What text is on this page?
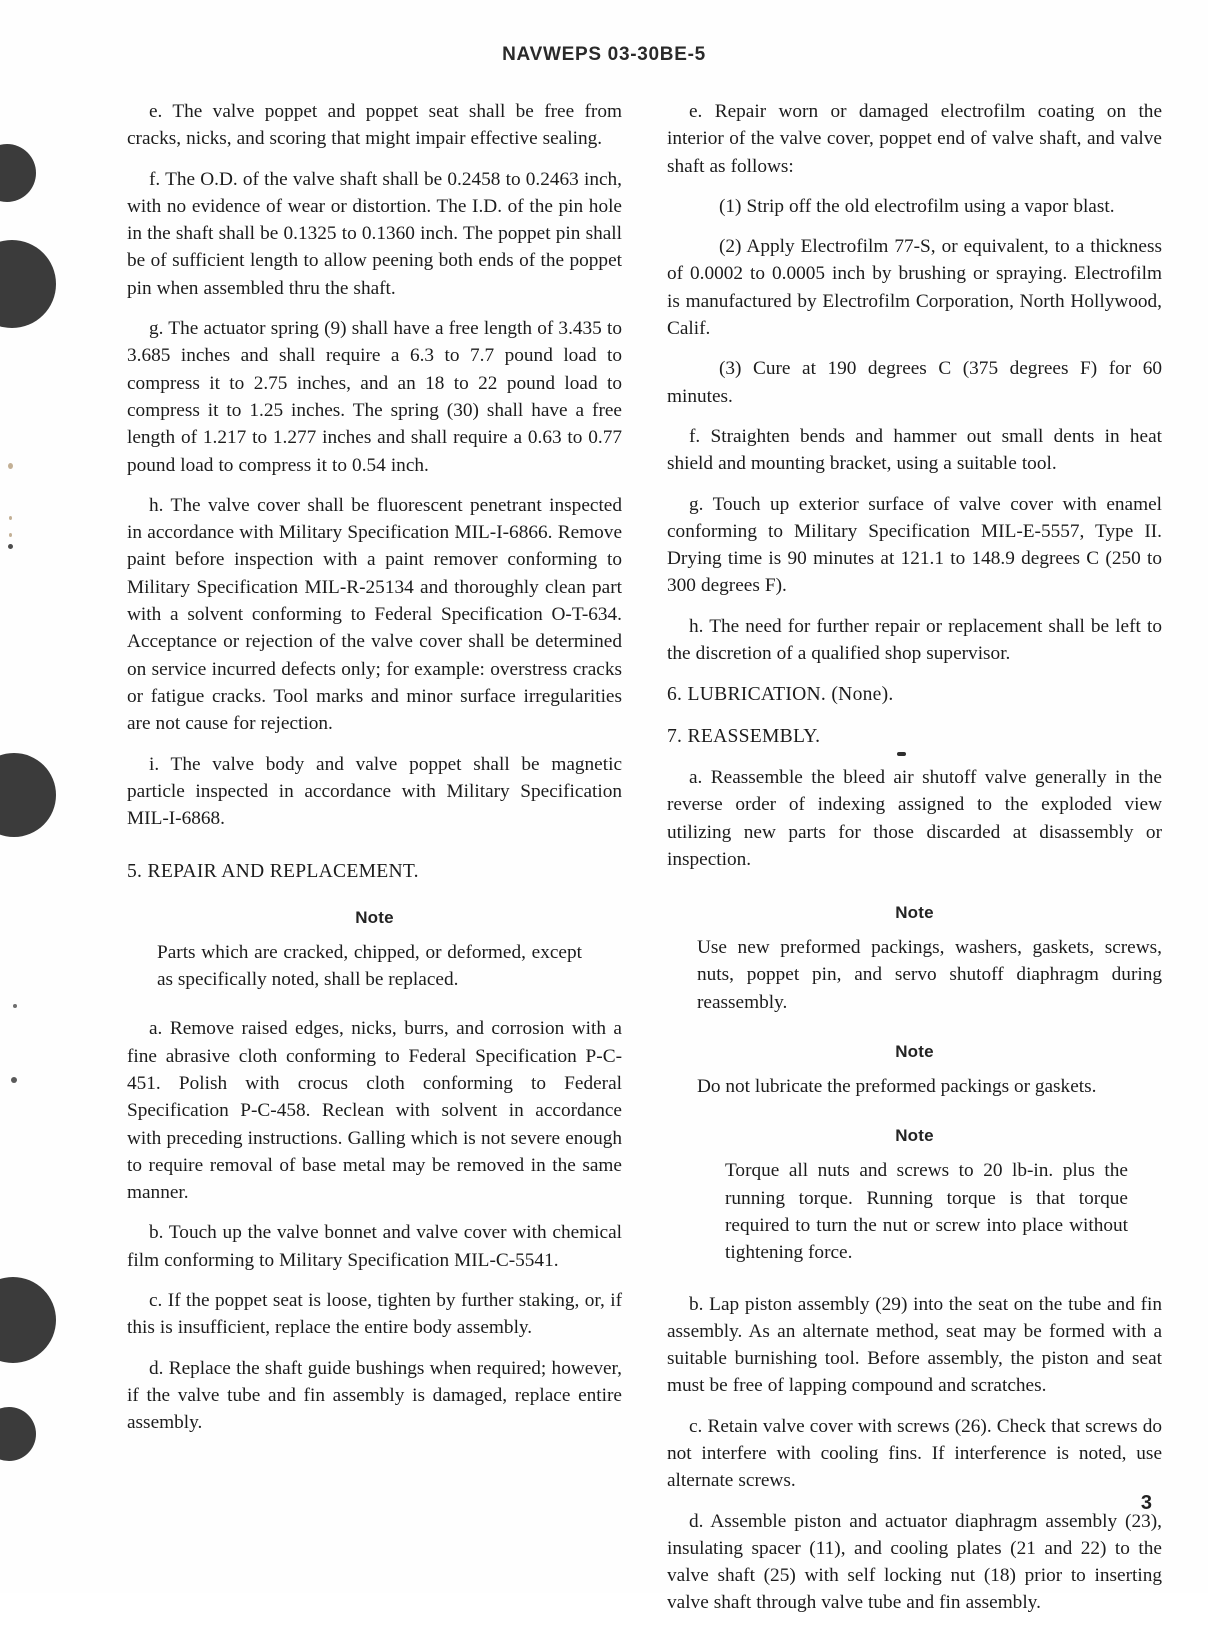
NAVWEPS 03-30BE-5

e. The valve poppet and poppet seat shall be free from cracks, nicks, and scoring that might impair effective sealing.

f. The O.D. of the valve shaft shall be 0.2458 to 0.2463 inch, with no evidence of wear or distortion. The I.D. of the pin hole in the shaft shall be 0.1325 to 0.1360 inch. The poppet pin shall be of sufficient length to allow peening both ends of the poppet pin when assembled thru the shaft.

g. The actuator spring (9) shall have a free length of 3.435 to 3.685 inches and shall require a 6.3 to 7.7 pound load to compress it to 2.75 inches, and an 18 to 22 pound load to compress it to 1.25 inches. The spring (30) shall have a free length of 1.217 to 1.277 inches and shall require a 0.63 to 0.77 pound load to compress it to 0.54 inch.

h. The valve cover shall be fluorescent penetrant inspected in accordance with Military Specification MIL-I-6866. Remove paint before inspection with a paint remover conforming to Military Specification MIL-R-25134 and thoroughly clean part with a solvent conforming to Federal Specification O-T-634. Acceptance or rejection of the valve cover shall be determined on service incurred defects only; for example: overstress cracks or fatigue cracks. Tool marks and minor surface irregularities are not cause for rejection.

i. The valve body and valve poppet shall be magnetic particle inspected in accordance with Military Specification MIL-I-6868.

5. REPAIR AND REPLACEMENT.

Note
Parts which are cracked, chipped, or deformed, except as specifically noted, shall be replaced.

a. Remove raised edges, nicks, burrs, and corrosion with a fine abrasive cloth conforming to Federal Specification P-C-451. Polish with crocus cloth conforming to Federal Specification P-C-458. Reclean with solvent in accordance with preceding instructions. Galling which is not severe enough to require removal of base metal may be removed in the same manner.

b. Touch up the valve bonnet and valve cover with chemical film conforming to Military Specification MIL-C-5541.

c. If the poppet seat is loose, tighten by further staking, or, if this is insufficient, replace the entire body assembly.

d. Replace the shaft guide bushings when required; however, if the valve tube and fin assembly is damaged, replace entire assembly.

e. Repair worn or damaged electrofilm coating on the interior of the valve cover, poppet end of valve shaft, and valve shaft as follows:

(1) Strip off the old electrofilm using a vapor blast.

(2) Apply Electrofilm 77-S, or equivalent, to a thickness of 0.0002 to 0.0005 inch by brushing or spraying. Electrofilm is manufactured by Electrofilm Corporation, North Hollywood, Calif.

(3) Cure at 190 degrees C (375 degrees F) for 60 minutes.

f. Straighten bends and hammer out small dents in heat shield and mounting bracket, using a suitable tool.

g. Touch up exterior surface of valve cover with enamel conforming to Military Specification MIL-E-5557, Type II. Drying time is 90 minutes at 121.1 to 148.9 degrees C (250 to 300 degrees F).

h. The need for further repair or replacement shall be left to the discretion of a qualified shop supervisor.

6. LUBRICATION. (None).

7. REASSEMBLY.

a. Reassemble the bleed air shutoff valve generally in the reverse order of indexing assigned to the exploded view utilizing new parts for those discarded at disassembly or inspection.

Note
Use new preformed packings, washers, gaskets, screws, nuts, poppet pin, and servo shutoff diaphragm during reassembly.
Note
Do not lubricate the preformed packings or gaskets.
Note
Torque all nuts and screws to 20 lb-in. plus the running torque. Running torque is that torque required to turn the nut or screw into place without tightening force.

b. Lap piston assembly (29) into the seat on the tube and fin assembly. As an alternate method, seat may be formed with a suitable burnishing tool. Before assembly, the piston and seat must be free of lapping compound and scratches.

c. Retain valve cover with screws (26). Check that screws do not interfere with cooling fins. If interference is noted, use alternate screws.

d. Assemble piston and actuator diaphragm assembly (23), insulating spacer (11), and cooling plates (21 and 22) to the valve shaft (25) with self locking nut (18) prior to inserting valve shaft through valve tube and fin assembly.

3
